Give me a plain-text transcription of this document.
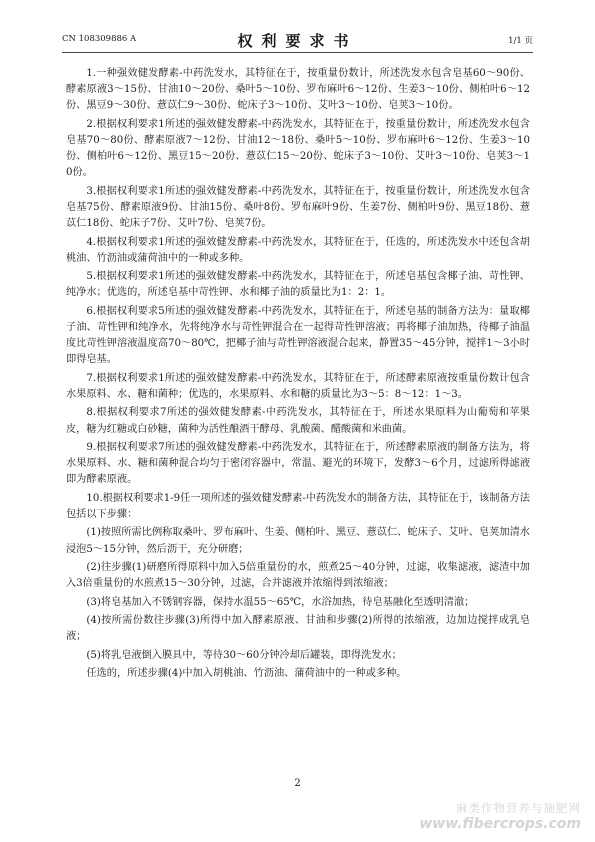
CN 108309886 A	权利要求书	1/1 页

1.一种强效健发酵素-中药洗发水，其特征在于，按重量份数计，所述洗发水包含皂基60～90份、酵素原液3～15份、甘油10～20份、桑叶5～10份、罗布麻叶6～12份、生姜3～10份、侧柏叶6～12份、黑豆9～30份、薏苡仁9～30份、蛇床子3～10份、艾叶3～10份、皂荚3～10份。

2.根据权利要求1所述的强效健发酵素-中药洗发水，其特征在于，按重量份数计，所述洗发水包含皂基70～80份、酵素原液7～12份、甘油12～18份、桑叶5～10份、罗布麻叶6～12份、生姜3～10份、侧柏叶6～12份、黑豆15～20份、薏苡仁15～20份、蛇床子3～10份、艾叶3～10份、皂荚3～10份。

3.根据权利要求1所述的强效健发酵素-中药洗发水，其特征在于，按重量份数计，所述洗发水包含皂基75份、酵素原液9份、甘油15份、桑叶8份、罗布麻叶9份、生姜7份、侧柏叶9份、黑豆18份、薏苡仁18份、蛇床子7份、艾叶7份、皂荚7份。

4.根据权利要求1所述的强效健发酵素-中药洗发水，其特征在于，任选的，所述洗发水中还包含胡桃油、竹沥油或蒲荷油中的一种或多种。

5.根据权利要求1所述的强效健发酵素-中药洗发水，其特征在于，所述皂基包含椰子油、苛性钾、纯净水；优选的，所述皂基中苛性钾、水和椰子油的质量比为1：2：1。

6.根据权利要求5所述的强效健发酵素-中药洗发水，其特征在于，所述皂基的制备方法为：量取椰子油、苛性钾和纯净水，先将纯净水与苛性钾混合在一起得苛性钾溶液；再将椰子油加热，待椰子油温度比苛性钾溶液温度高70～80℃，把椰子油与苛性钾溶液混合起来，静置35～45分钟，搅拌1～3小时即得皂基。

7.根据权利要求1所述的强效健发酵素-中药洗发水，其特征在于，所述酵素原液按重量份数计包含水果原料、水、糖和菌种；优选的，水果原料、水和糖的质量比为3～5：8～12：1～3。

8.根据权利要求7所述的强效健发酵素-中药洗发水，其特征在于，所述水果原料为山葡萄和苹果皮，糖为红糖或白砂糖，菌种为活性酿酒干酵母、乳酸菌、醋酸菌和米曲菌。

9.根据权利要求7所述的强效健发酵素-中药洗发水，其特征在于，所述酵素原液的制备方法为，将水果原料、水、糖和菌种混合均匀于密闭容器中，常温、避光的环境下，发酵3～6个月，过滤所得滤液即为酵素原液。

10.根据权利要求1-9任一项所述的强效健发酵素-中药洗发水的制备方法，其特征在于，该制备方法包括以下步骤：

(1)按照所需比例称取桑叶、罗布麻叶、生姜、侧柏叶、黑豆、薏苡仁、蛇床子、艾叶、皂荚加清水浸泡5～15分钟，然后沥干，充分研磨；

(2)往步骤(1)研磨所得原料中加入5倍重量份的水，煎煮25～40分钟，过滤，收集滤液，滤渣中加入3倍重量份的水煎煮15～30分钟，过滤，合并滤液并浓缩得到浓缩液；

(3)将皂基加入不锈钢容器，保持水温55～65℃，水浴加热，待皂基融化至透明清澈；

(4)按所需份数往步骤(3)所得中加入酵素原液、甘油和步骤(2)所得的浓缩液，边加边搅拌成乳皂液；

(5)将乳皂液倒入膜具中，等待30～60分钟冷却后罐装，即得洗发水；

任选的，所述步骤(4)中加入胡桃油、竹沥油、蒲荷油中的一种或多种。

2
麻类作物营养与施肥网
www.fibercrops.com
